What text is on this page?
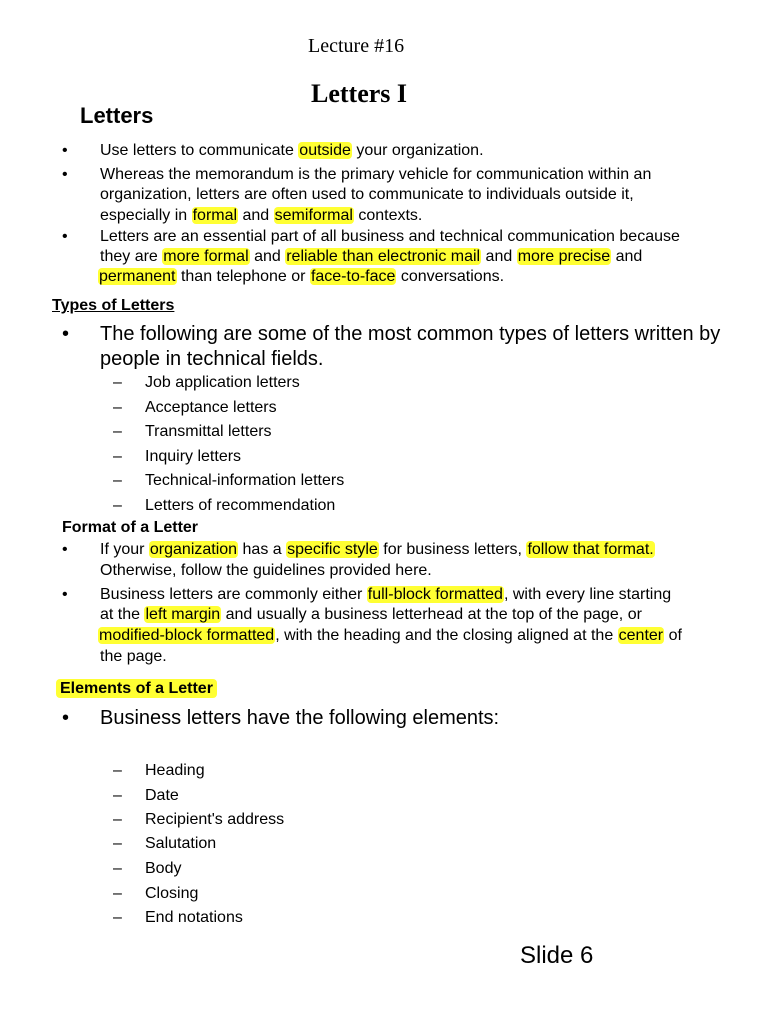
Lecture #16
Letters I
Letters
• Use letters to communicate outside your organization.
• Whereas the memorandum is the primary vehicle for communication within an
organization, letters are often used to communicate to individuals outside it,
especially in formal and semiformal contexts.
• Letters are an essential part of all business and technical communication because
they are more formal and reliable than electronic mail and more precise and
permanent than telephone or face-to-face conversations.
Types of Letters
• The following are some of the most common types of letters written by
people in technical fields.
– Job application letters
– Acceptance letters
– Transmittal letters
– Inquiry letters
– Technical-information letters
– Letters of recommendation
Format of a Letter
• If your organization has a specific style for business letters, follow that format.
Otherwise, follow the guidelines provided here.
• Business letters are commonly either full-block formatted, with every line starting
at the left margin and usually a business letterhead at the top of the page, or
modified-block formatted, with the heading and the closing aligned at the center of
the page.
Elements of a Letter
• Business letters have the following elements:
– Heading
– Date
– Recipient's address
– Salutation
– Body
– Closing
– End notations
Slide 6
